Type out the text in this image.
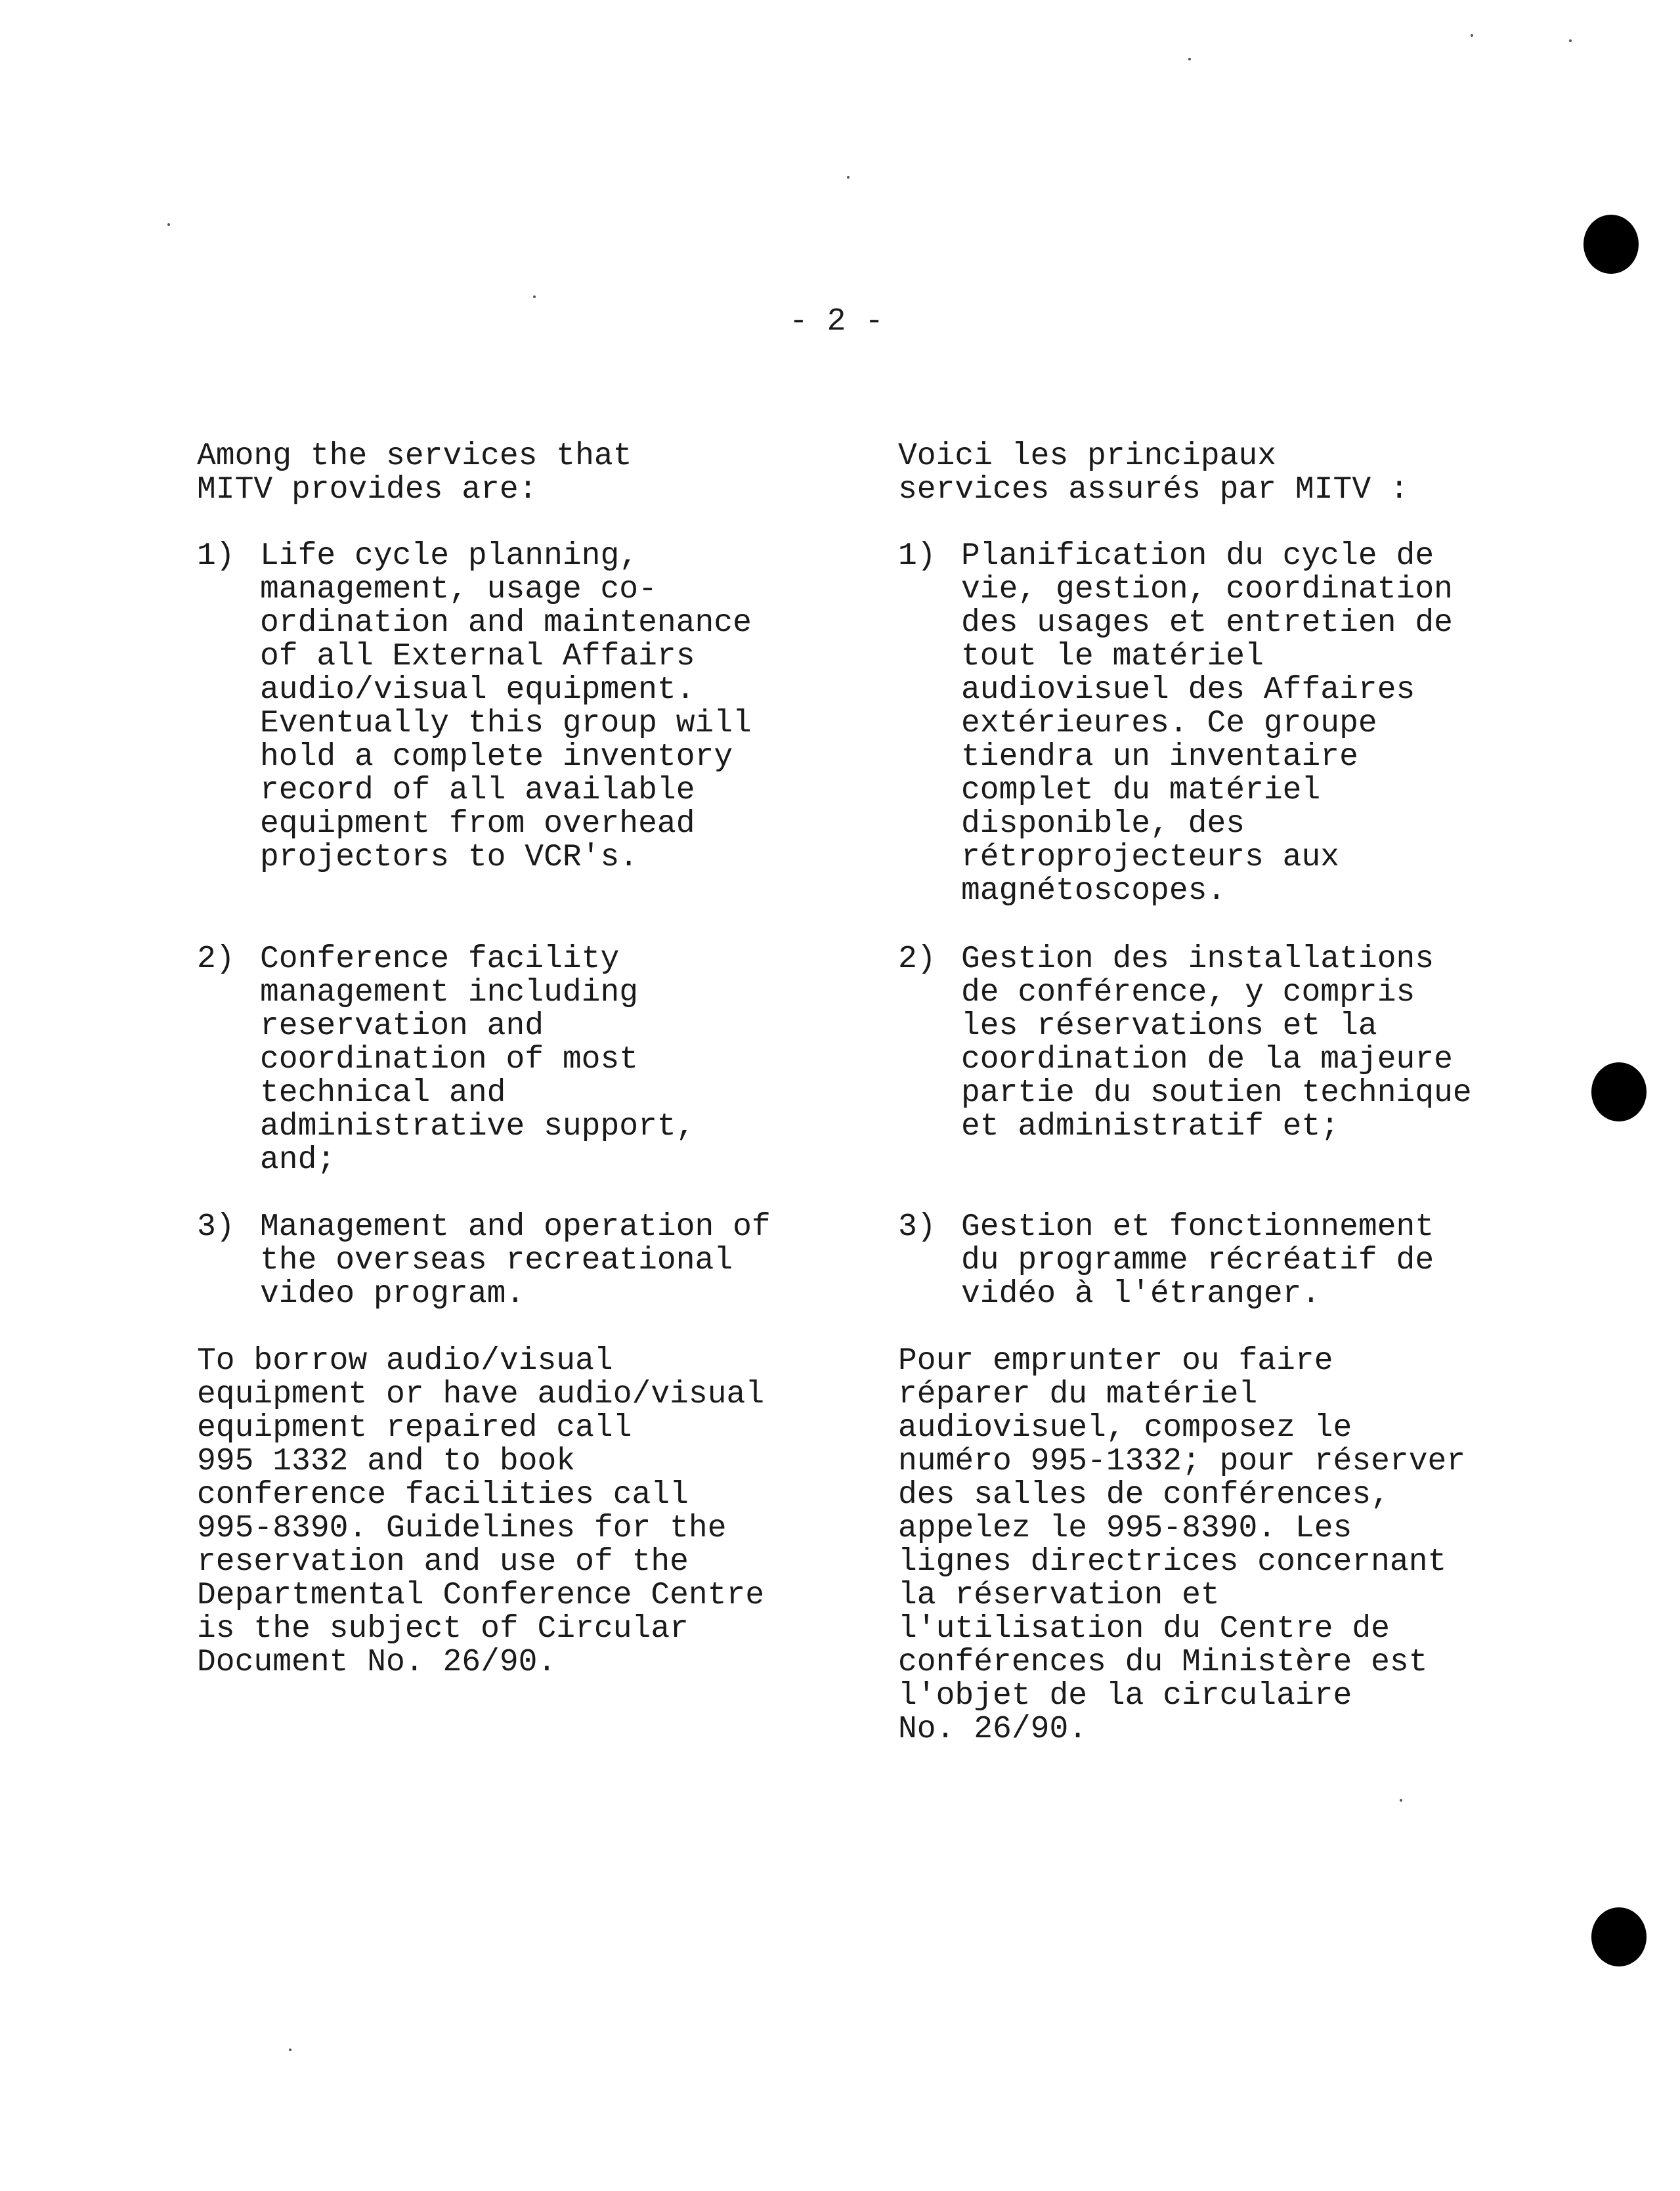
- 2 -

Among the services that
MITV provides are:

1) Life cycle planning,
management, usage co-
ordination and maintenance
of all External Affairs
audio/visual equipment.
Eventually this group will
hold a complete inventory
record of all available
equipment from overhead
projectors to VCR's.
2) Conference facility
management including
reservation and
coordination of most
technical and
administrative support,
and;
3) Management and operation of
the overseas recreational
video program.

To borrow audio/visual
equipment or have audio/visual
equipment repaired call
995 1332 and to book
conference facilities call
995-8390. Guidelines for the
reservation and use of the
Departmental Conference Centre
is the subject of Circular
Document No. 26/90.

Voici les principaux
services assurés par MITV :

1) Planification du cycle de
vie, gestion, coordination
des usages et entretien de
tout le matériel
audiovisuel des Affaires
extérieures. Ce groupe
tiendra un inventaire
complet du matériel
disponible, des
rétroprojecteurs aux
magnétoscopes.
2) Gestion des installations
de conférence, y compris
les réservations et la
coordination de la majeure
partie du soutien technique
et administratif et;
3) Gestion et fonctionnement
du programme récréatif de
vidéo à l'étranger.

Pour emprunter ou faire
réparer du matériel
audiovisuel, composez le
numéro 995-1332; pour réserver
des salles de conférences,
appelez le 995-8390. Les
lignes directrices concernant
la réservation et
l'utilisation du Centre de
conférences du Ministère est
l'objet de la circulaire
No. 26/90.
